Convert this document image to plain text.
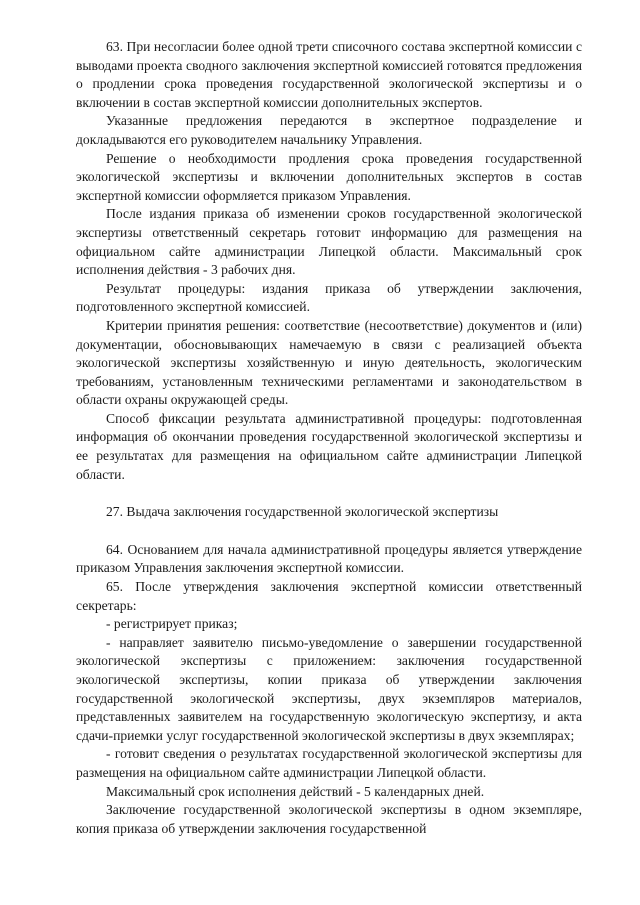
63. При несогласии более одной трети списочного состава экспертной комиссии с выводами проекта сводного заключения экспертной комиссией готовятся предложения о продлении срока проведения государственной экологической экспертизы и о включении в состав экспертной комиссии дополнительных экспертов.

Указанные предложения передаются в экспертное подразделение и докладываются его руководителем начальнику Управления.

Решение о необходимости продления срока проведения государственной экологической экспертизы и включении дополнительных экспертов в состав экспертной комиссии оформляется приказом Управления.

После издания приказа об изменении сроков государственной экологической экспертизы ответственный секретарь готовит информацию для размещения на официальном сайте администрации Липецкой области. Максимальный срок исполнения действия - 3 рабочих дня.

Результат процедуры: издания приказа об утверждении заключения, подготовленного экспертной комиссией.

Критерии принятия решения: соответствие (несоответствие) документов и (или) документации, обосновывающих намечаемую в связи с реализацией объекта экологической экспертизы хозяйственную и иную деятельность, экологическим требованиям, установленным техническими регламентами и законодательством в области охраны окружающей среды.

Способ фиксации результата административной процедуры: подготовленная информация об окончании проведения государственной экологической экспертизы и ее результатах для размещения на официальном сайте администрации Липецкой области.

27. Выдача заключения государственной экологической экспертизы

64. Основанием для начала административной процедуры является утверждение приказом Управления заключения экспертной комиссии.

65. После утверждения заключения экспертной комиссии ответственный секретарь:

- регистрирует приказ;

- направляет заявителю письмо-уведомление о завершении государственной экологической экспертизы с приложением: заключения государственной экологической экспертизы, копии приказа об утверждении заключения государственной экологической экспертизы, двух экземпляров материалов, представленных заявителем на государственную экологическую экспертизу, и акта сдачи-приемки услуг государственной экологической экспертизы в двух экземплярах;

- готовит сведения о результатах государственной экологической экспертизы для размещения на официальном сайте администрации Липецкой области.

Максимальный срок исполнения действий - 5 календарных дней.

Заключение государственной экологической экспертизы в одном экземпляре, копия приказа об утверждении заключения государственной
